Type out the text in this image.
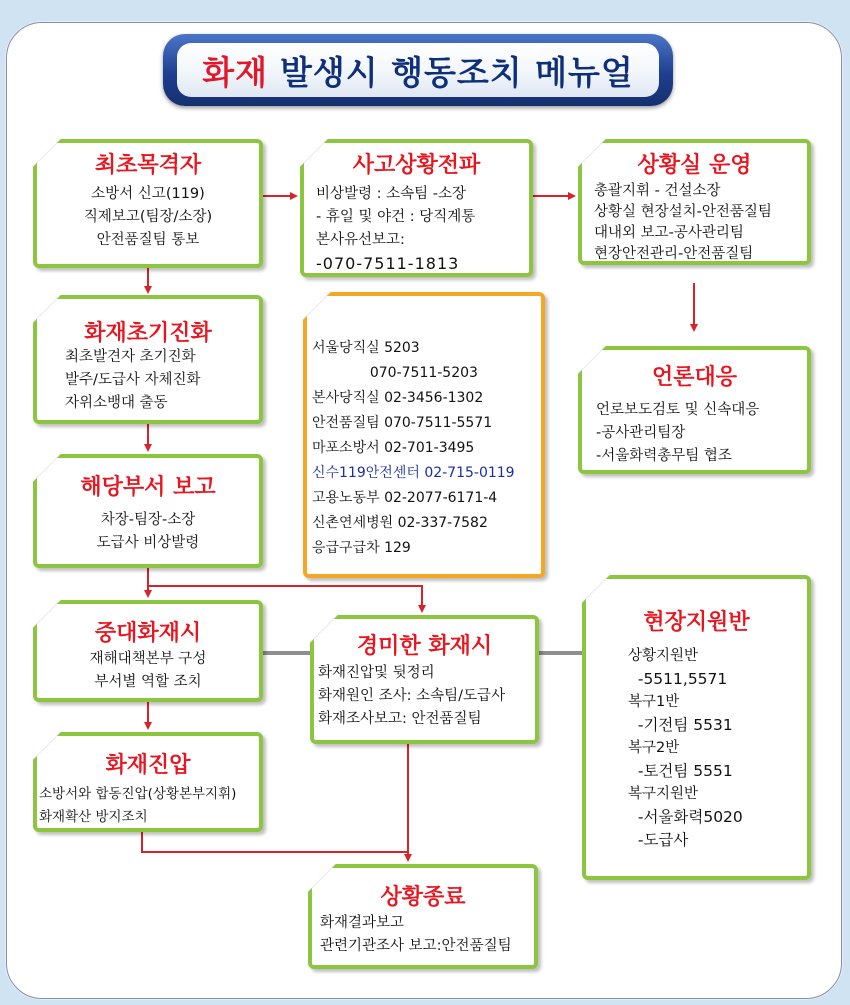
화재 발생시 행동조치 메뉴얼
최초목격자
소방서 신고(119)
직제보고(팀장/소장)
안전품질팀 통보
사고상황전파
비상발령 : 소속팀 -소장
- 휴일 및 야건 : 당직계통
본사유선보고:
-070-7511-1813
상황실 운영
총괄지휘 - 건설소장
상황실 현장설치-안전품질팀
대내외 보고-공사관리팀
현장안전관리-안전품질팀
화재초기진화
최초발견자 초기진화
발주/도급사 자체진화
자위소뱅대 출동
서울당직실 5203
070-7511-5203
본사당직실 02-3456-1302
안전품질팀 070-7511-5571
마포소방서 02-701-3495
신수119안전센터 02-715-0119
고용노동부 02-2077-6171-4
신촌연세병원 02-337-7582
응급구급차 129
언론대응
언로보도검토 및 신속대응
-공사관리팀장
-서울화력총무팀 협조
해당부서 보고
차장-팀장-소장
도급사 비상발령
중대화재시
재해대책본부 구성
부서별 역할 조치
경미한 화재시
화재진압및 뒷정리
화재원인 조사: 소속팀/도급사
화재조사보고: 안전품질팀
현장지원반
상황지원반
-5511,5571
복구1반
-기전팀 5531
복구2반
-토건팀 5551
복구지원반
-서울화력5020
-도급사
화재진압
소방서와 합동진압(상황본부지휘)
화재확산 방지조치
상황종료
화재결과보고
관련기관조사 보고:안전품질팀
